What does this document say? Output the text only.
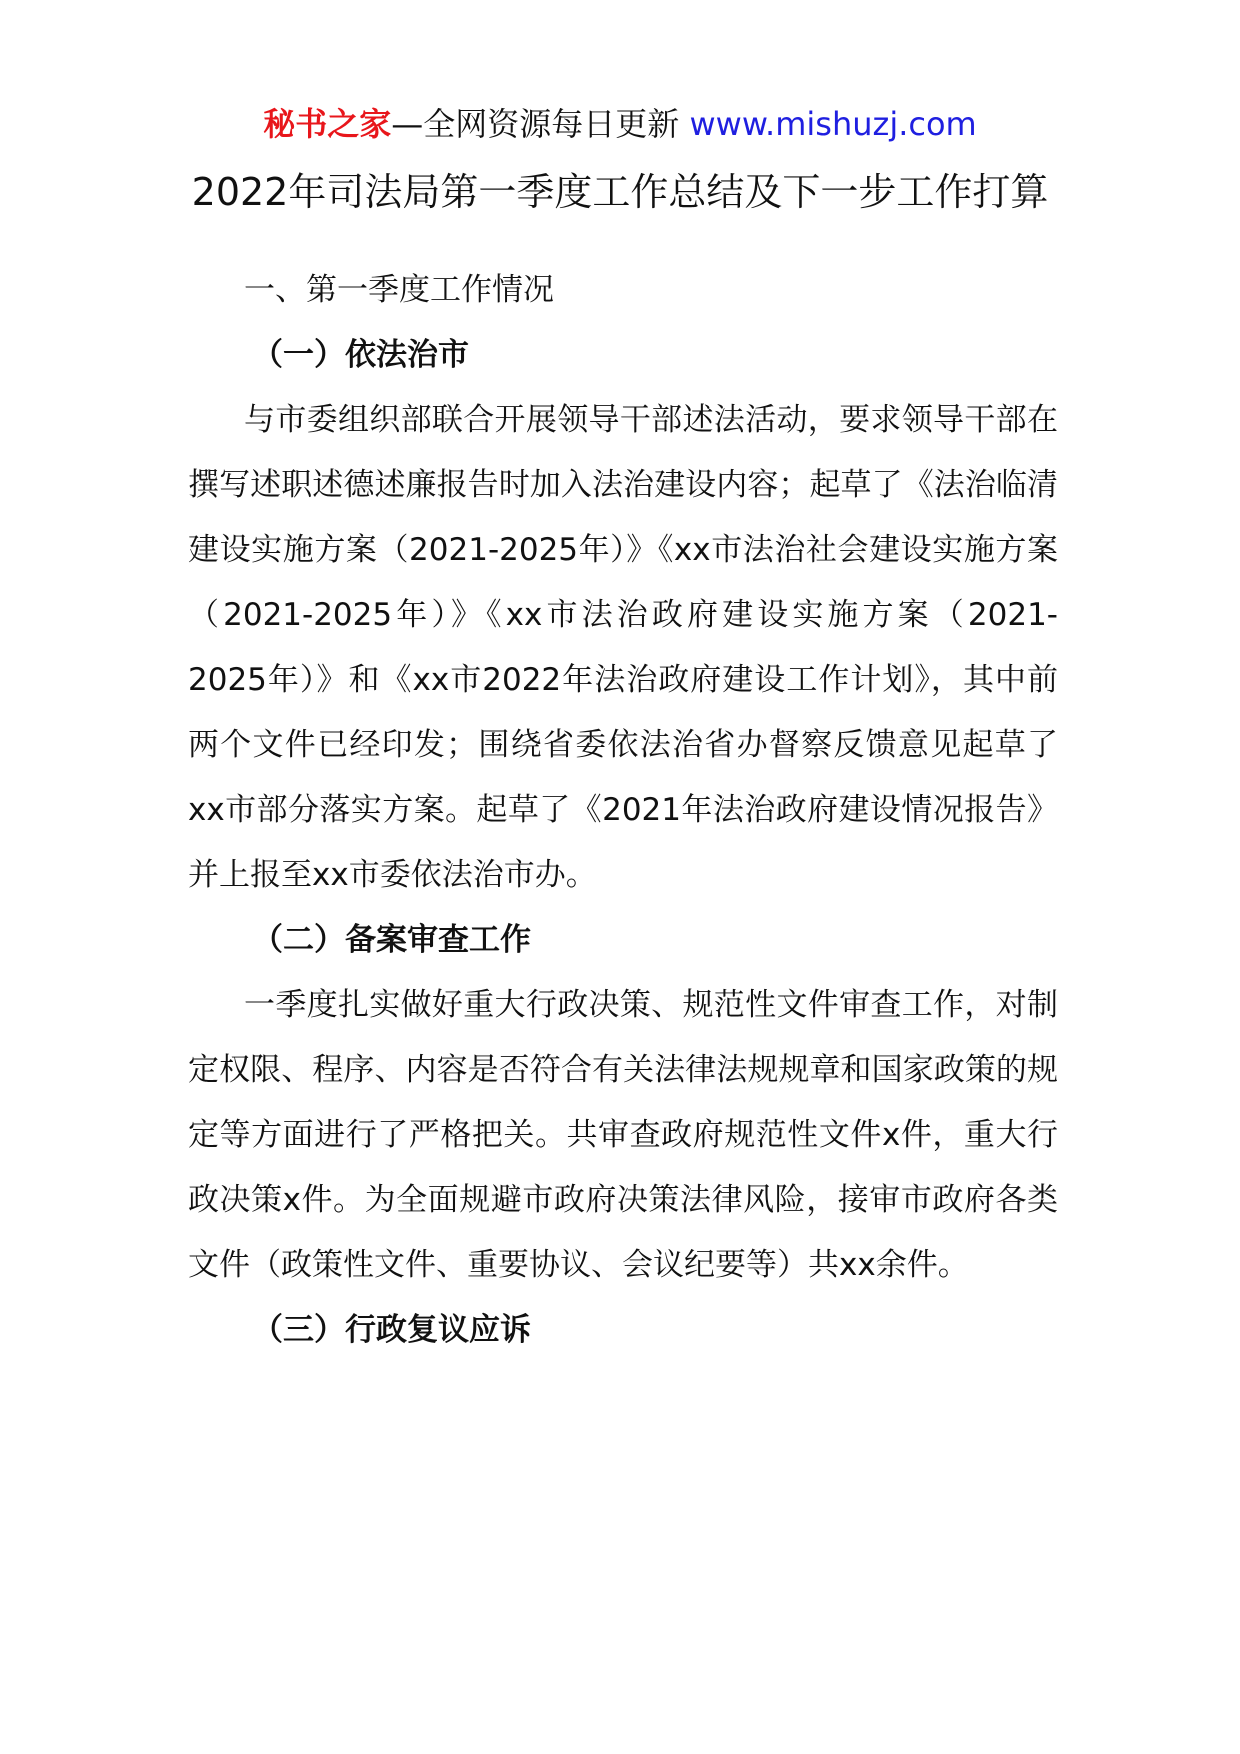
秘书之家—全网资源每日更新 www.mishuzj.com
2022年司法局第一季度工作总结及下一步工作打算

一、第一季度工作情况

（一）依法治市

与市委组织部联合开展领导干部述法活动，要求领导干部在撰写述职述德述廉报告时加入法治建设内容；起草了《法治临清建设实施方案（2021-2025年）》《xx市法治社会建设实施方案（2021-2025年）》《xx市法治政府建设实施方案（2021-2025年）》和《xx市2022年法治政府建设工作计划》，其中前两个文件已经印发；围绕省委依法治省办督察反馈意见起草了xx市部分落实方案。起草了《2021年法治政府建设情况报告》并上报至xx市委依法治市办。

（二）备案审查工作

一季度扎实做好重大行政决策、规范性文件审查工作，对制定权限、程序、内容是否符合有关法律法规规章和国家政策的规定等方面进行了严格把关。共审查政府规范性文件x件，重大行政决策x件。为全面规避市政府决策法律风险，接审市政府各类文件（政策性文件、重要协议、会议纪要等）共xx余件。

（三）行政复议应诉
